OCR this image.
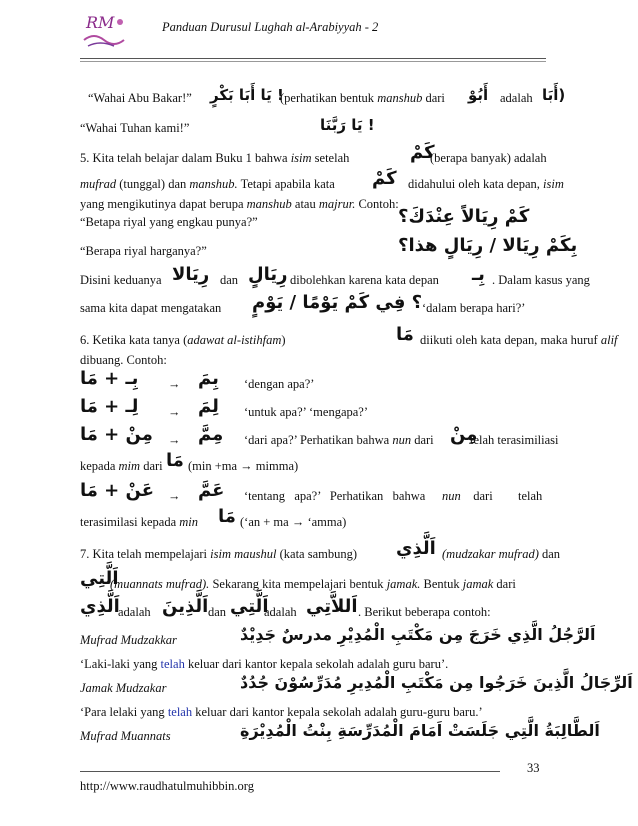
RM	Panduan Durusul Lughah al-Arabiyyah - 2
“Wahai Abu Bakar!” ! يَا أَبَا بَكْرٍ
(perhatikan bentuk manshub dari أَبُوْ adalah (أَبَا
“Wahai Tuhan kami!”	! يَا رَبَّنَا
5. Kita telah belajar dalam Buku 1 bahwa isim setelah	كَمْ
(berapa banyak) adalah
mufrad (tunggal) dan manshub. Tetapi apabila kata كَمْ didahului oleh kata depan, isim
yang mengikutinya dapat berupa manshub atau majrur. Contoh:
“Betapa riyal yang engkau punya?”	كَمْ رِيَالاً عِنْدَكَ؟
“Berapa riyal harganya?”	بِكَمْ رِيَالا / رِيَالٍ هذا؟
Disini keduanya رِيَالا dan رِيَالٍ dibolehkan karena kata depan بِـ . Dalam kasus yang
sama kita dapat mengatakan ؟ فِي كَمْ يَوْمًا / يَوْمٍ ‘dalam berapa hari?’
6. Ketika kata tanya (adawat al-istihfam)	مَا diikuti oleh kata depan, maka huruf alif
dibuang. Contoh:
بِـ + مَا → بِمَ ‘dengan apa?’
لِـ + مَا → لِمَ ‘untuk apa?’ ‘mengapa?’
مِنْ + مَا → مِمَّ ‘dari apa?’ Perhatikan bahwa nun dari مِنْ
telah terasimiliasi
kepada mim dari مَا (min +ma → mimma)
عَنْ + مَا → عَمَّ ‘tentang   apa?’   Perhatikan   bahwa nun dari telah
terasimilasi kepada min مَا (‘an + ma → ‘amma)
7. Kita telah mempelajari isim maushul (kata sambung) اَلَّذِي (mudzakar mufrad) dan
اَلَّتِي
(muannats mufrad). Sekarang kita mempelajari bentuk jamak. Bentuk jamak dari
اَلَّذِي
adalah اَلَّذِينَ dan اَلَّتِي
adalah اَللاَّتِي . Berikut beberapa contoh:
Mufrad Mudzakkar	اَلرَّجُلُ الَّذِي خَرَجَ مِن مَكْتَبِ الْمُدِيْرِ مدرسٌ جَدِيْدٌ
‘Laki-laki yang telah keluar dari kantor kepala sekolah adalah guru baru’.
Jamak Mudzakar	اَلرِّجَالُ الَّذِينَ خَرَجُوا مِن مَكْتَبِ الْمُدِيرِ مُدَرِّسُوْنَ جُدُدٌ
‘Para lelaki yang telah keluar dari kantor kepala sekolah adalah guru-guru baru.’
Mufrad Muannats	اَلطَّالِبَةُ الَّتِي جَلَسَتْ اَمَامَ الْمُدَرِّسَةِ بِنْتُ الْمُدِيْرَةِ
33
http://www.raudhatulmuhibbin.org
